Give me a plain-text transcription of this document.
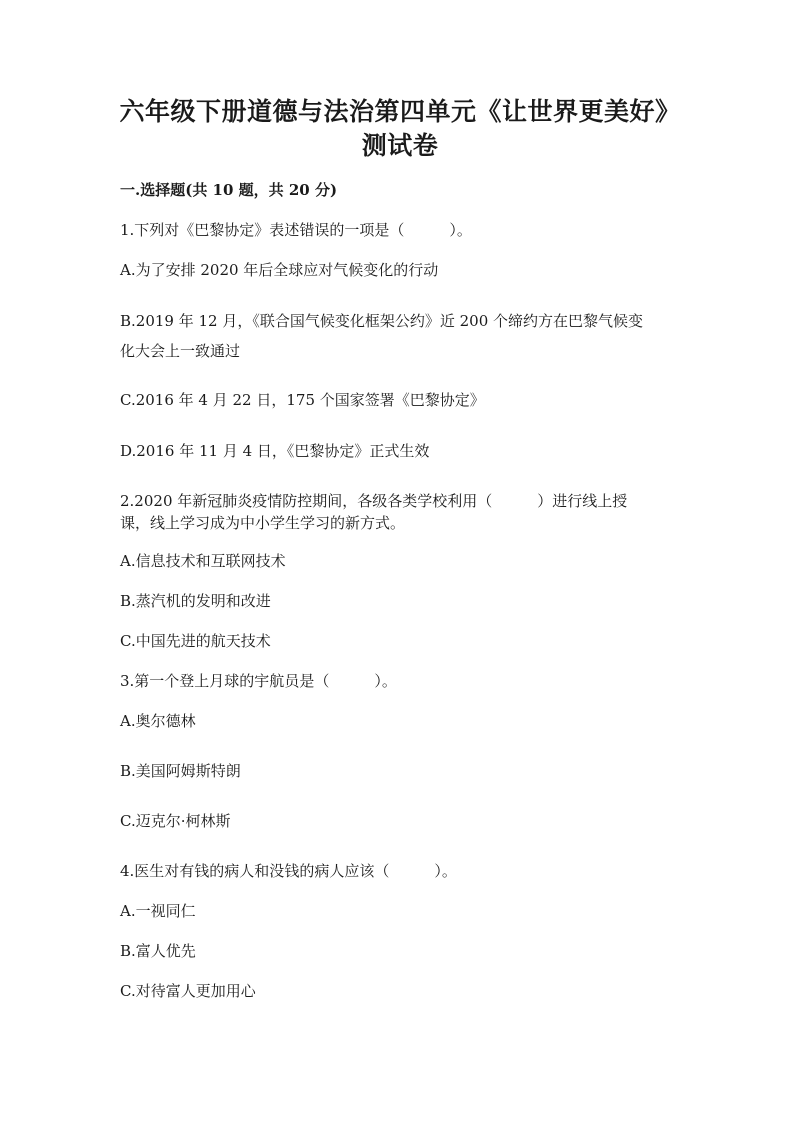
六年级下册道德与法治第四单元《让世界更美好》
测试卷
一.选择题(共 10 题，共 20 分)
1.下列对《巴黎协定》表述错误的一项是（　　　）。
A.为了安排 2020 年后全球应对气候变化的行动
B.2019 年 12 月，《联合国气候变化框架公约》近 200 个缔约方在巴黎气候变
化大会上一致通过
C.2016 年 4 月 22 日，175 个国家签署《巴黎协定》
D.2016 年 11 月 4 日，《巴黎协定》正式生效
2.2020 年新冠肺炎疫情防控期间，各级各类学校利用（　　　）进行线上授
课，线上学习成为中小学生学习的新方式。
A.信息技术和互联网技术
B.蒸汽机的发明和改进
C.中国先进的航天技术
3.第一个登上月球的宇航员是（　　　）。
A.奥尔德林
B.美国阿姆斯特朗
C.迈克尔·柯林斯
4.医生对有钱的病人和没钱的病人应该（　　　）。
A.一视同仁
B.富人优先
C.对待富人更加用心
